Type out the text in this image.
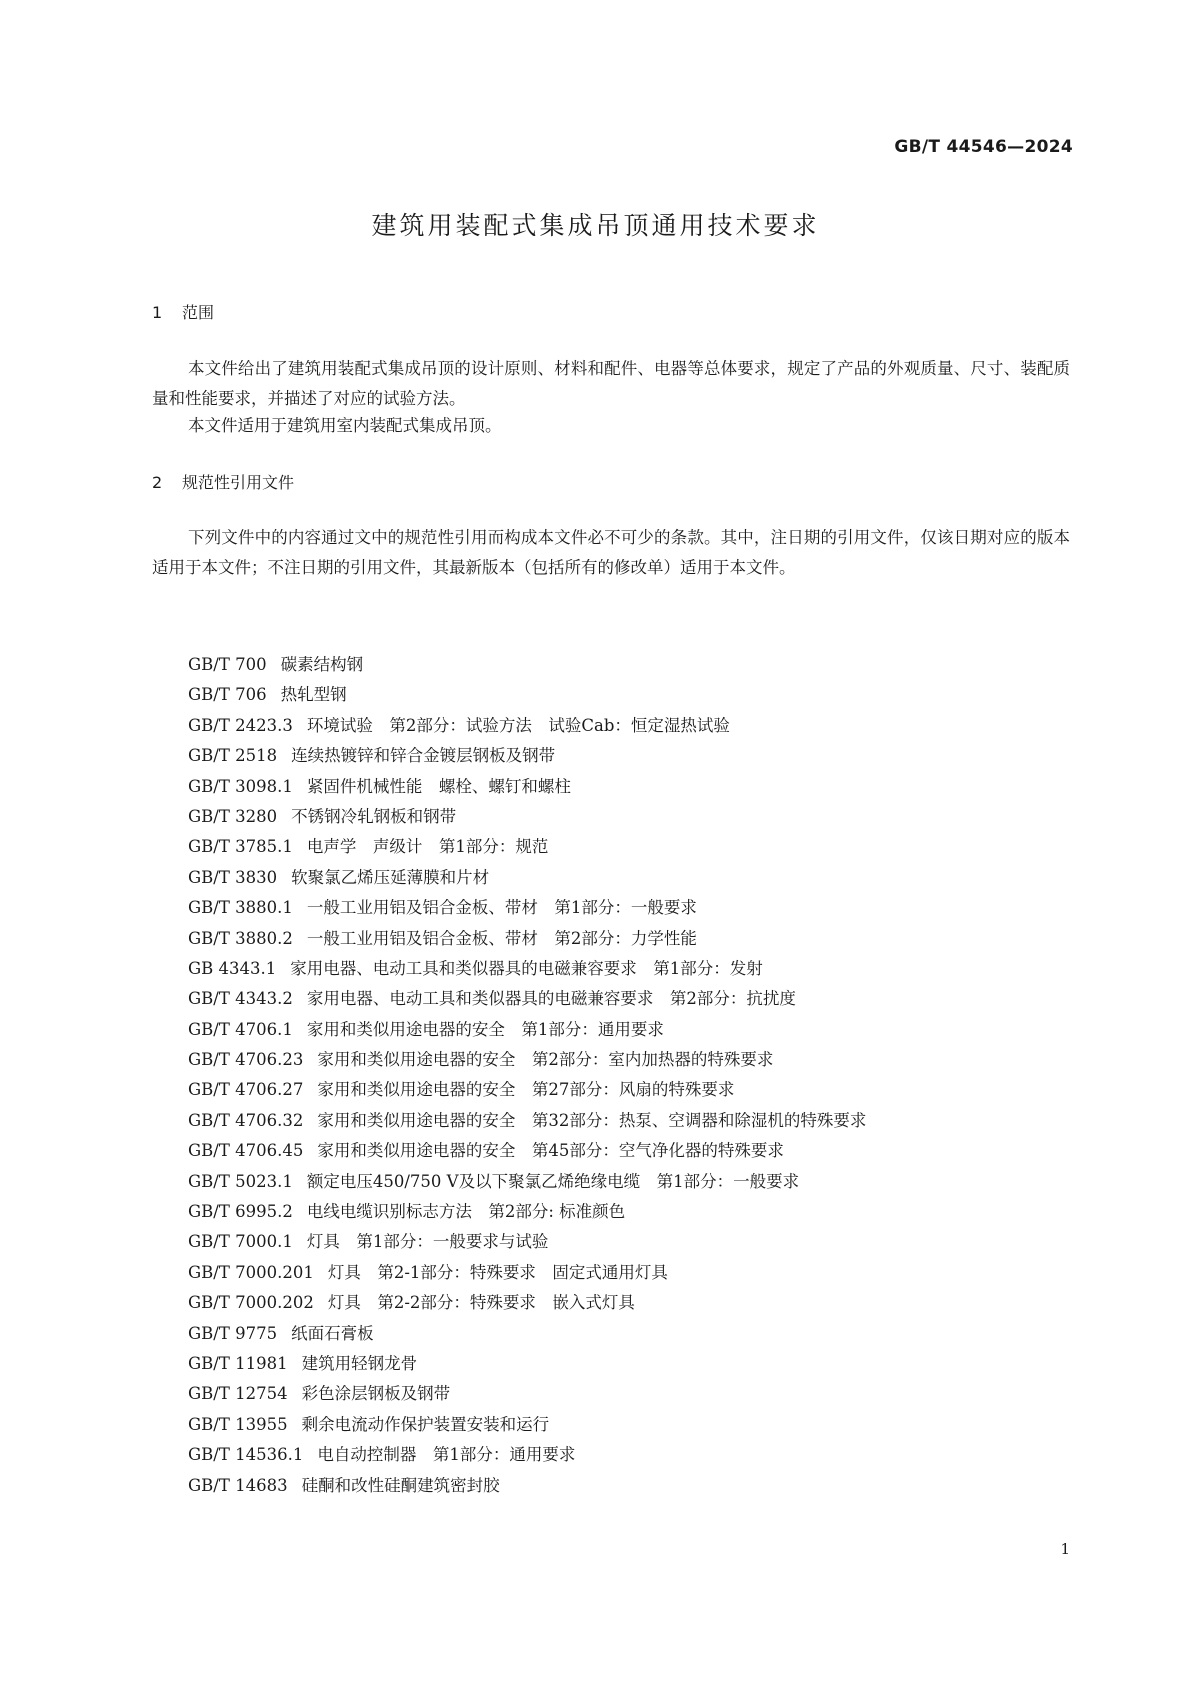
GB/T 44546—2024
建筑用装配式集成吊顶通用技术要求
1 范围

本文件给出了建筑用装配式集成吊顶的设计原则、材料和配件、电器等总体要求，规定了产品的外观质量、尺寸、装配质量和性能要求，并描述了对应的试验方法。

本文件适用于建筑用室内装配式集成吊顶。

2 规范性引用文件

下列文件中的内容通过文中的规范性引用而构成本文件必不可少的条款。其中，注日期的引用文件，仅该日期对应的版本适用于本文件；不注日期的引用文件，其最新版本（包括所有的修改单）适用于本文件。

GB/T 700 碳素结构钢
GB/T 706 热轧型钢
GB/T 2423.3 环境试验　第2部分：试验方法　试验Cab：恒定湿热试验
GB/T 2518 连续热镀锌和锌合金镀层钢板及钢带
GB/T 3098.1 紧固件机械性能　螺栓、螺钉和螺柱
GB/T 3280 不锈钢冷轧钢板和钢带
GB/T 3785.1 电声学　声级计　第1部分：规范
GB/T 3830 软聚氯乙烯压延薄膜和片材
GB/T 3880.1 一般工业用铝及铝合金板、带材　第1部分：一般要求
GB/T 3880.2 一般工业用铝及铝合金板、带材　第2部分：力学性能
GB 4343.1 家用电器、电动工具和类似器具的电磁兼容要求　第1部分：发射
GB/T 4343.2 家用电器、电动工具和类似器具的电磁兼容要求　第2部分：抗扰度
GB/T 4706.1 家用和类似用途电器的安全　第1部分：通用要求
GB/T 4706.23 家用和类似用途电器的安全　第2部分：室内加热器的特殊要求
GB/T 4706.27 家用和类似用途电器的安全　第27部分：风扇的特殊要求
GB/T 4706.32 家用和类似用途电器的安全　第32部分：热泵、空调器和除湿机的特殊要求
GB/T 4706.45 家用和类似用途电器的安全　第45部分：空气净化器的特殊要求
GB/T 5023.1 额定电压450/750 V及以下聚氯乙烯绝缘电缆　第1部分：一般要求
GB/T 6995.2 电线电缆识别标志方法　第2部分: 标准颜色
GB/T 7000.1 灯具　第1部分：一般要求与试验
GB/T 7000.201 灯具　第2-1部分：特殊要求　固定式通用灯具
GB/T 7000.202 灯具　第2-2部分：特殊要求　嵌入式灯具
GB/T 9775 纸面石膏板
GB/T 11981 建筑用轻钢龙骨
GB/T 12754 彩色涂层钢板及钢带
GB/T 13955 剩余电流动作保护装置安装和运行
GB/T 14536.1 电自动控制器　第1部分：通用要求
GB/T 14683 硅酮和改性硅酮建筑密封胶
1
